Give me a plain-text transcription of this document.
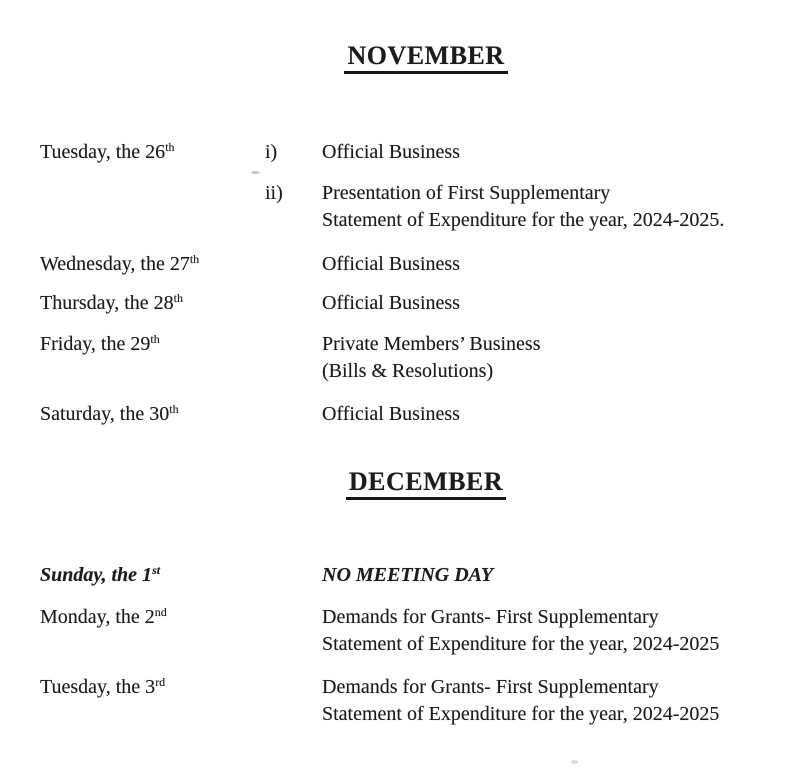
NOVEMBER
Tuesday, the 26th	i)	Official Business
ii)	Presentation of First Supplementary
Statement of Expenditure for the year, 2024-2025.
Wednesday, the 27th	Official Business
Thursday, the 28th	Official Business
Friday, the 29th	Private Members’ Business
(Bills & Resolutions)
Saturday, the 30th	Official Business
DECEMBER
Sunday, the 1st	NO MEETING DAY
Monday, the 2nd	Demands for Grants- First Supplementary
Statement of Expenditure for the year, 2024-2025
Tuesday, the 3rd	Demands for Grants- First Supplementary
Statement of Expenditure for the year, 2024-2025
